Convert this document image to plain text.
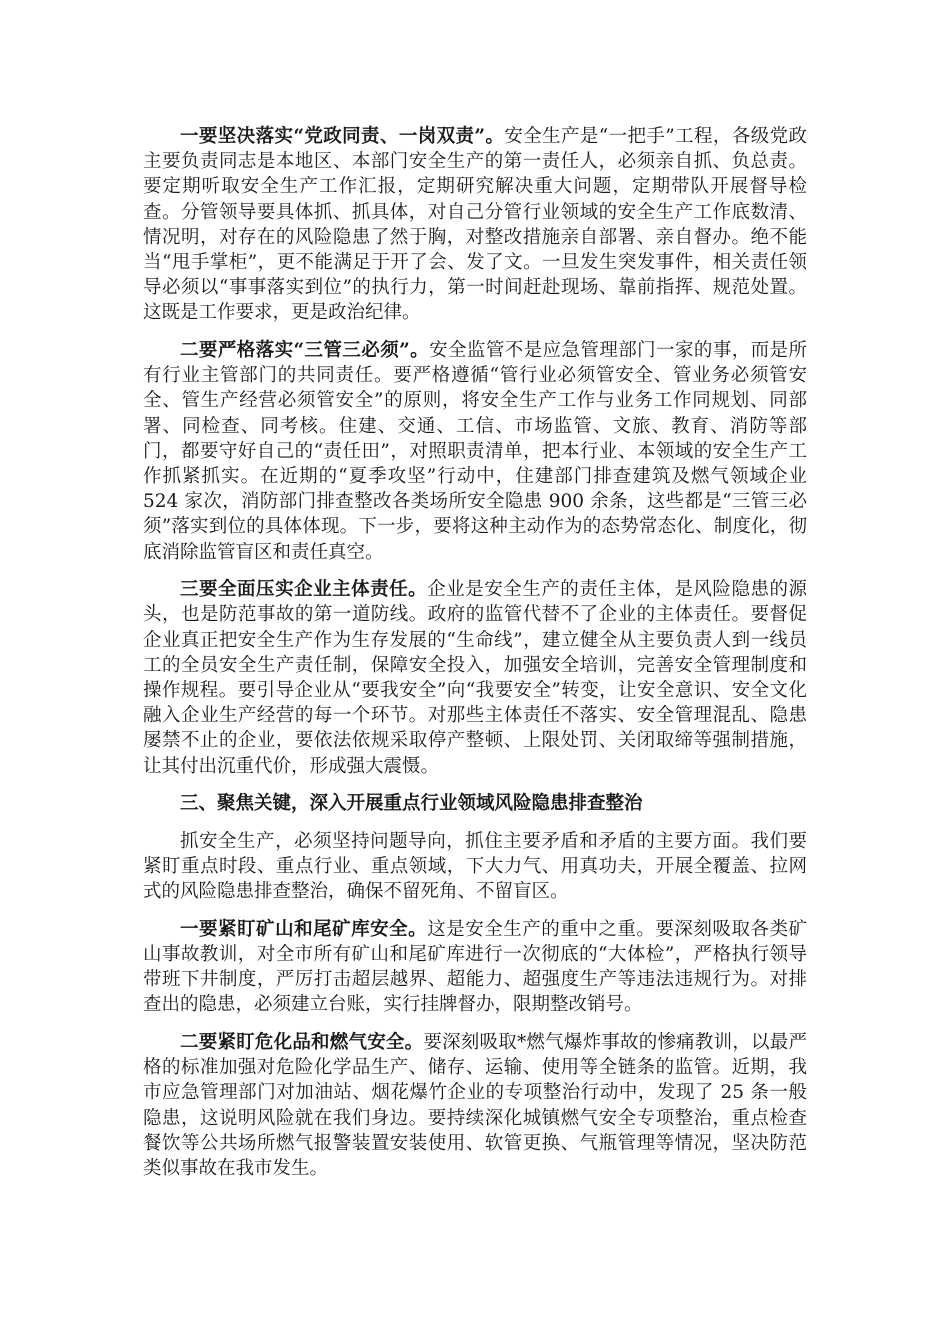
一要坚决落实“党政同责、一岗双责”。安全生产是“一把手”工程，各级党政主要负责同志是本地区、本部门安全生产的第一责任人，必须亲自抓、负总责。要定期听取安全生产工作汇报，定期研究解决重大问题，定期带队开展督导检查。分管领导要具体抓、抓具体，对自己分管行业领域的安全生产工作底数清、情况明，对存在的风险隐患了然于胸，对整改措施亲自部署、亲自督办。绝不能当“甩手掌柜”，更不能满足于开了会、发了文。一旦发生突发事件，相关责任领导必须以“事事落实到位”的执行力，第一时间赶赴现场、靠前指挥、规范处置。这既是工作要求，更是政治纪律。

二要严格落实“三管三必须”。安全监管不是应急管理部门一家的事，而是所有行业主管部门的共同责任。要严格遵循“管行业必须管安全、管业务必须管安全、管生产经营必须管安全”的原则，将安全生产工作与业务工作同规划、同部署、同检查、同考核。住建、交通、工信、市场监管、文旅、教育、消防等部门，都要守好自己的“责任田”，对照职责清单，把本行业、本领域的安全生产工作抓紧抓实。在近期的“夏季攻坚”行动中，住建部门排查建筑及燃气领域企业 524 家次，消防部门排查整改各类场所安全隐患 900 余条，这些都是“三管三必须”落实到位的具体体现。下一步，要将这种主动作为的态势常态化、制度化，彻底消除监管盲区和责任真空。

三要全面压实企业主体责任。企业是安全生产的责任主体，是风险隐患的源头，也是防范事故的第一道防线。政府的监管代替不了企业的主体责任。要督促企业真正把安全生产作为生存发展的“生命线”，建立健全从主要负责人到一线员工的全员安全生产责任制，保障安全投入，加强安全培训，完善安全管理制度和操作规程。要引导企业从“要我安全”向“我要安全”转变，让安全意识、安全文化融入企业生产经营的每一个环节。对那些主体责任不落实、安全管理混乱、隐患屡禁不止的企业，要依法依规采取停产整顿、上限处罚、关闭取缔等强制措施，让其付出沉重代价，形成强大震慑。

三、聚焦关键，深入开展重点行业领域风险隐患排查整治

抓安全生产，必须坚持问题导向，抓住主要矛盾和矛盾的主要方面。我们要紧盯重点时段、重点行业、重点领域，下大力气、用真功夫，开展全覆盖、拉网式的风险隐患排查整治，确保不留死角、不留盲区。

一要紧盯矿山和尾矿库安全。这是安全生产的重中之重。要深刻吸取各类矿山事故教训，对全市所有矿山和尾矿库进行一次彻底的“大体检”，严格执行领导带班下井制度，严厉打击超层越界、超能力、超强度生产等违法违规行为。对排查出的隐患，必须建立台账，实行挂牌督办，限期整改销号。

二要紧盯危化品和燃气安全。要深刻吸取*燃气爆炸事故的惨痛教训，以最严格的标准加强对危险化学品生产、储存、运输、使用等全链条的监管。近期，我市应急管理部门对加油站、烟花爆竹企业的专项整治行动中，发现了 25 条一般隐患，这说明风险就在我们身边。要持续深化城镇燃气安全专项整治，重点检查餐饮等公共场所燃气报警装置安装使用、软管更换、气瓶管理等情况，坚决防范类似事故在我市发生。
